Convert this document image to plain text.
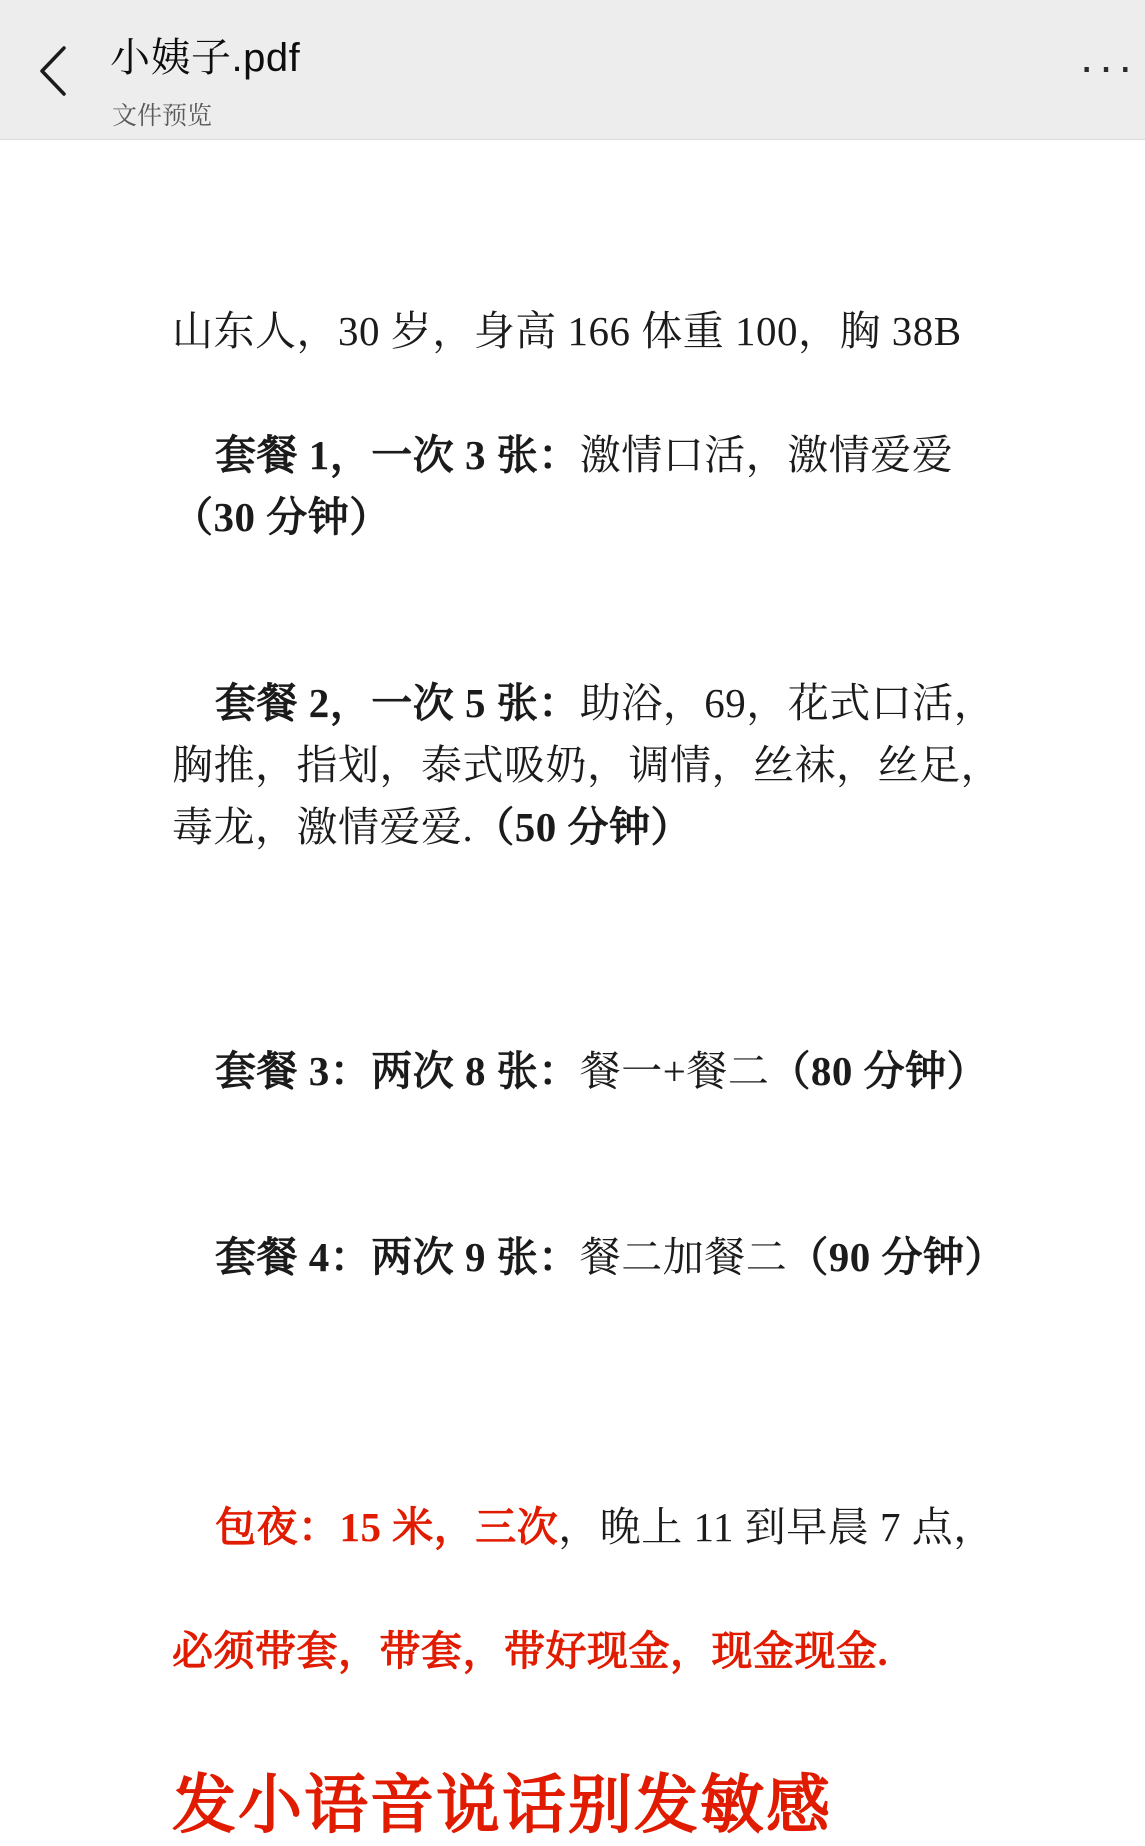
小姨子.pdf
文件预览
···
山东人，30 岁，身高 166 体重 100，胸 38B

套餐 1，一次 3 张：激情口活，激情爱爱（30 分钟）

套餐 2，一次 5 张：助浴，69，花式口活，胸推，指划，泰式吸奶，调情，丝袜，丝足，毒龙，激情爱爱.（50 分钟）

套餐 3：两次 8 张：餐一+餐二（80 分钟）

套餐 4：两次 9 张：餐二加餐二（90 分钟）

包夜：15 米，三次，晚上 11 到早晨 7 点，

必须带套，带套，带好现金，现金现金.
发小语音说话别发敏感
